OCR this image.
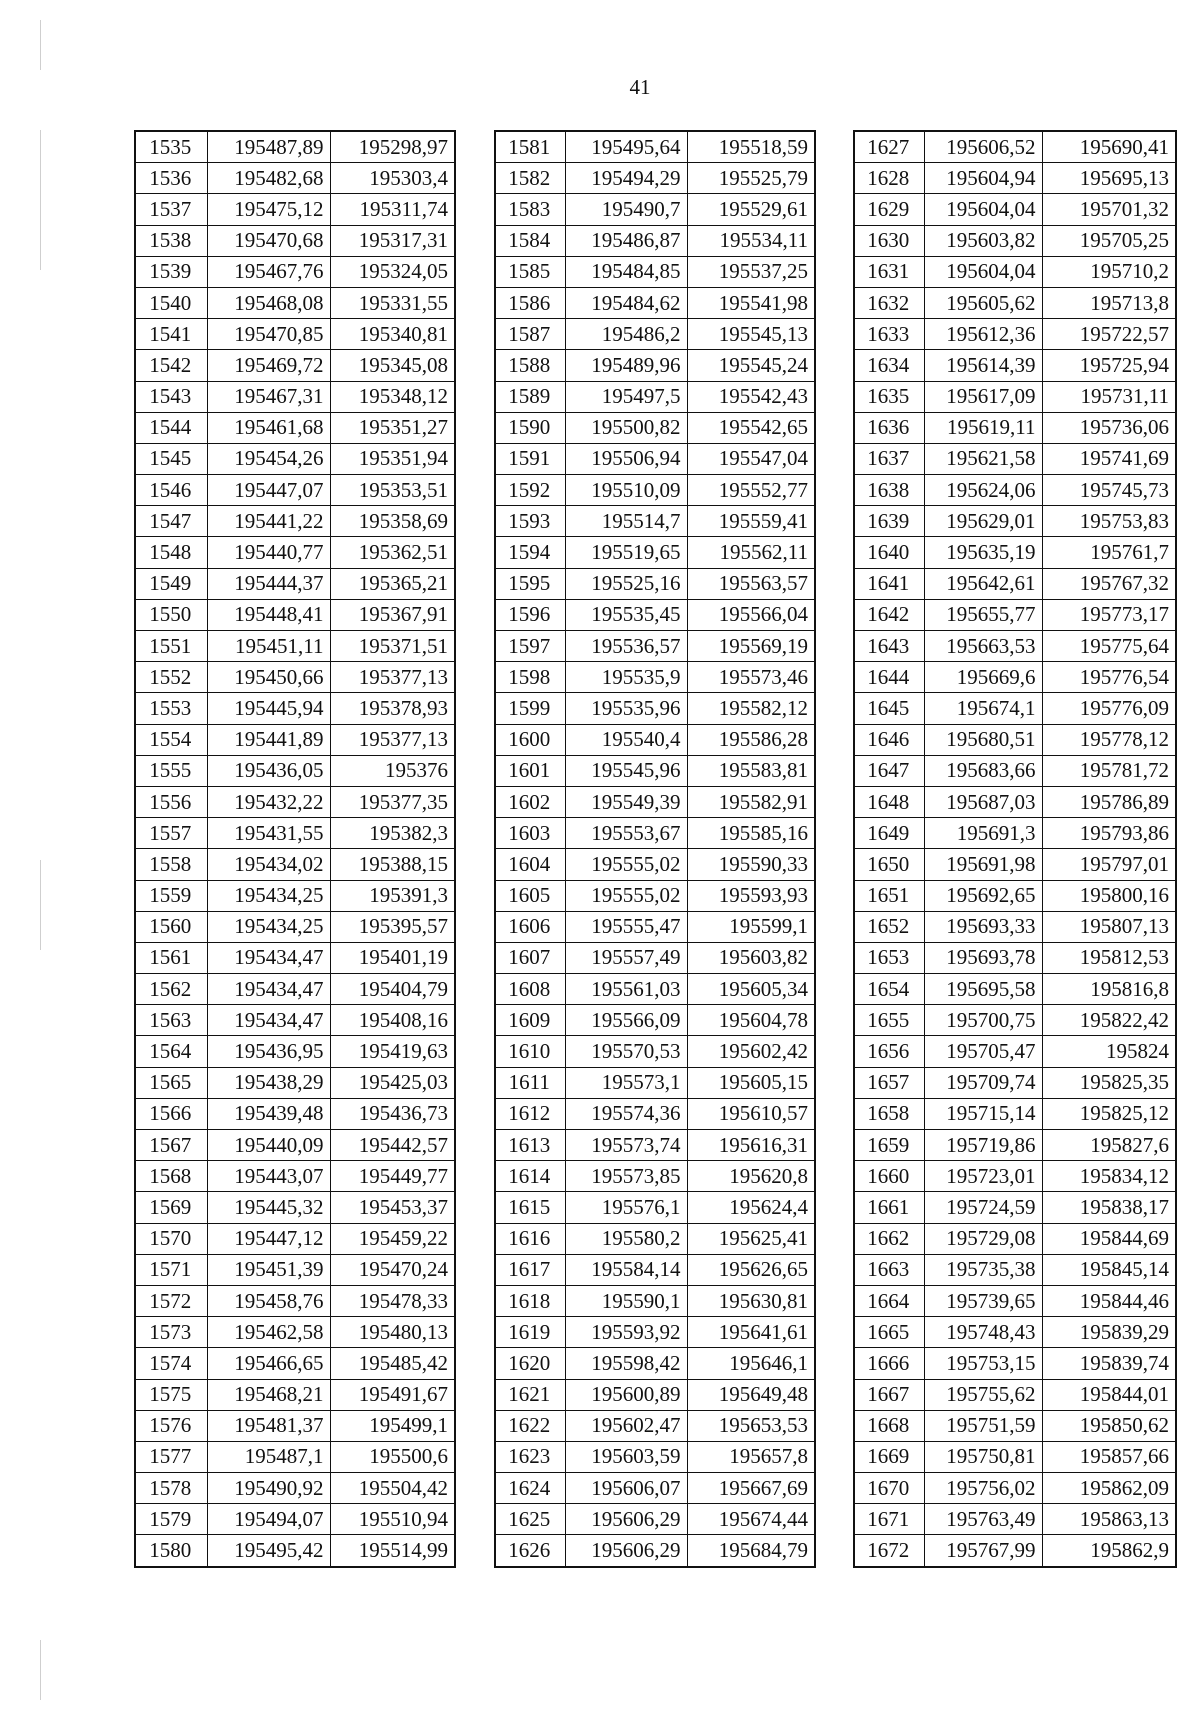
41
1535	195487,89	195298,97
1536	195482,68	195303,4
1537	195475,12	195311,74
1538	195470,68	195317,31
1539	195467,76	195324,05
1540	195468,08	195331,55
1541	195470,85	195340,81
1542	195469,72	195345,08
1543	195467,31	195348,12
1544	195461,68	195351,27
1545	195454,26	195351,94
1546	195447,07	195353,51
1547	195441,22	195358,69
1548	195440,77	195362,51
1549	195444,37	195365,21
1550	195448,41	195367,91
1551	195451,11	195371,51
1552	195450,66	195377,13
1553	195445,94	195378,93
1554	195441,89	195377,13
1555	195436,05	195376
1556	195432,22	195377,35
1557	195431,55	195382,3
1558	195434,02	195388,15
1559	195434,25	195391,3
1560	195434,25	195395,57
1561	195434,47	195401,19
1562	195434,47	195404,79
1563	195434,47	195408,16
1564	195436,95	195419,63
1565	195438,29	195425,03
1566	195439,48	195436,73
1567	195440,09	195442,57
1568	195443,07	195449,77
1569	195445,32	195453,37
1570	195447,12	195459,22
1571	195451,39	195470,24
1572	195458,76	195478,33
1573	195462,58	195480,13
1574	195466,65	195485,42
1575	195468,21	195491,67
1576	195481,37	195499,1
1577	195487,1	195500,6
1578	195490,92	195504,42
1579	195494,07	195510,94
1580	195495,42	195514,99
1581	195495,64	195518,59
1582	195494,29	195525,79
1583	195490,7	195529,61
1584	195486,87	195534,11
1585	195484,85	195537,25
1586	195484,62	195541,98
1587	195486,2	195545,13
1588	195489,96	195545,24
1589	195497,5	195542,43
1590	195500,82	195542,65
1591	195506,94	195547,04
1592	195510,09	195552,77
1593	195514,7	195559,41
1594	195519,65	195562,11
1595	195525,16	195563,57
1596	195535,45	195566,04
1597	195536,57	195569,19
1598	195535,9	195573,46
1599	195535,96	195582,12
1600	195540,4	195586,28
1601	195545,96	195583,81
1602	195549,39	195582,91
1603	195553,67	195585,16
1604	195555,02	195590,33
1605	195555,02	195593,93
1606	195555,47	195599,1
1607	195557,49	195603,82
1608	195561,03	195605,34
1609	195566,09	195604,78
1610	195570,53	195602,42
1611	195573,1	195605,15
1612	195574,36	195610,57
1613	195573,74	195616,31
1614	195573,85	195620,8
1615	195576,1	195624,4
1616	195580,2	195625,41
1617	195584,14	195626,65
1618	195590,1	195630,81
1619	195593,92	195641,61
1620	195598,42	195646,1
1621	195600,89	195649,48
1622	195602,47	195653,53
1623	195603,59	195657,8
1624	195606,07	195667,69
1625	195606,29	195674,44
1626	195606,29	195684,79
1627	195606,52	195690,41
1628	195604,94	195695,13
1629	195604,04	195701,32
1630	195603,82	195705,25
1631	195604,04	195710,2
1632	195605,62	195713,8
1633	195612,36	195722,57
1634	195614,39	195725,94
1635	195617,09	195731,11
1636	195619,11	195736,06
1637	195621,58	195741,69
1638	195624,06	195745,73
1639	195629,01	195753,83
1640	195635,19	195761,7
1641	195642,61	195767,32
1642	195655,77	195773,17
1643	195663,53	195775,64
1644	195669,6	195776,54
1645	195674,1	195776,09
1646	195680,51	195778,12
1647	195683,66	195781,72
1648	195687,03	195786,89
1649	195691,3	195793,86
1650	195691,98	195797,01
1651	195692,65	195800,16
1652	195693,33	195807,13
1653	195693,78	195812,53
1654	195695,58	195816,8
1655	195700,75	195822,42
1656	195705,47	195824
1657	195709,74	195825,35
1658	195715,14	195825,12
1659	195719,86	195827,6
1660	195723,01	195834,12
1661	195724,59	195838,17
1662	195729,08	195844,69
1663	195735,38	195845,14
1664	195739,65	195844,46
1665	195748,43	195839,29
1666	195753,15	195839,74
1667	195755,62	195844,01
1668	195751,59	195850,62
1669	195750,81	195857,66
1670	195756,02	195862,09
1671	195763,49	195863,13
1672	195767,99	195862,9
